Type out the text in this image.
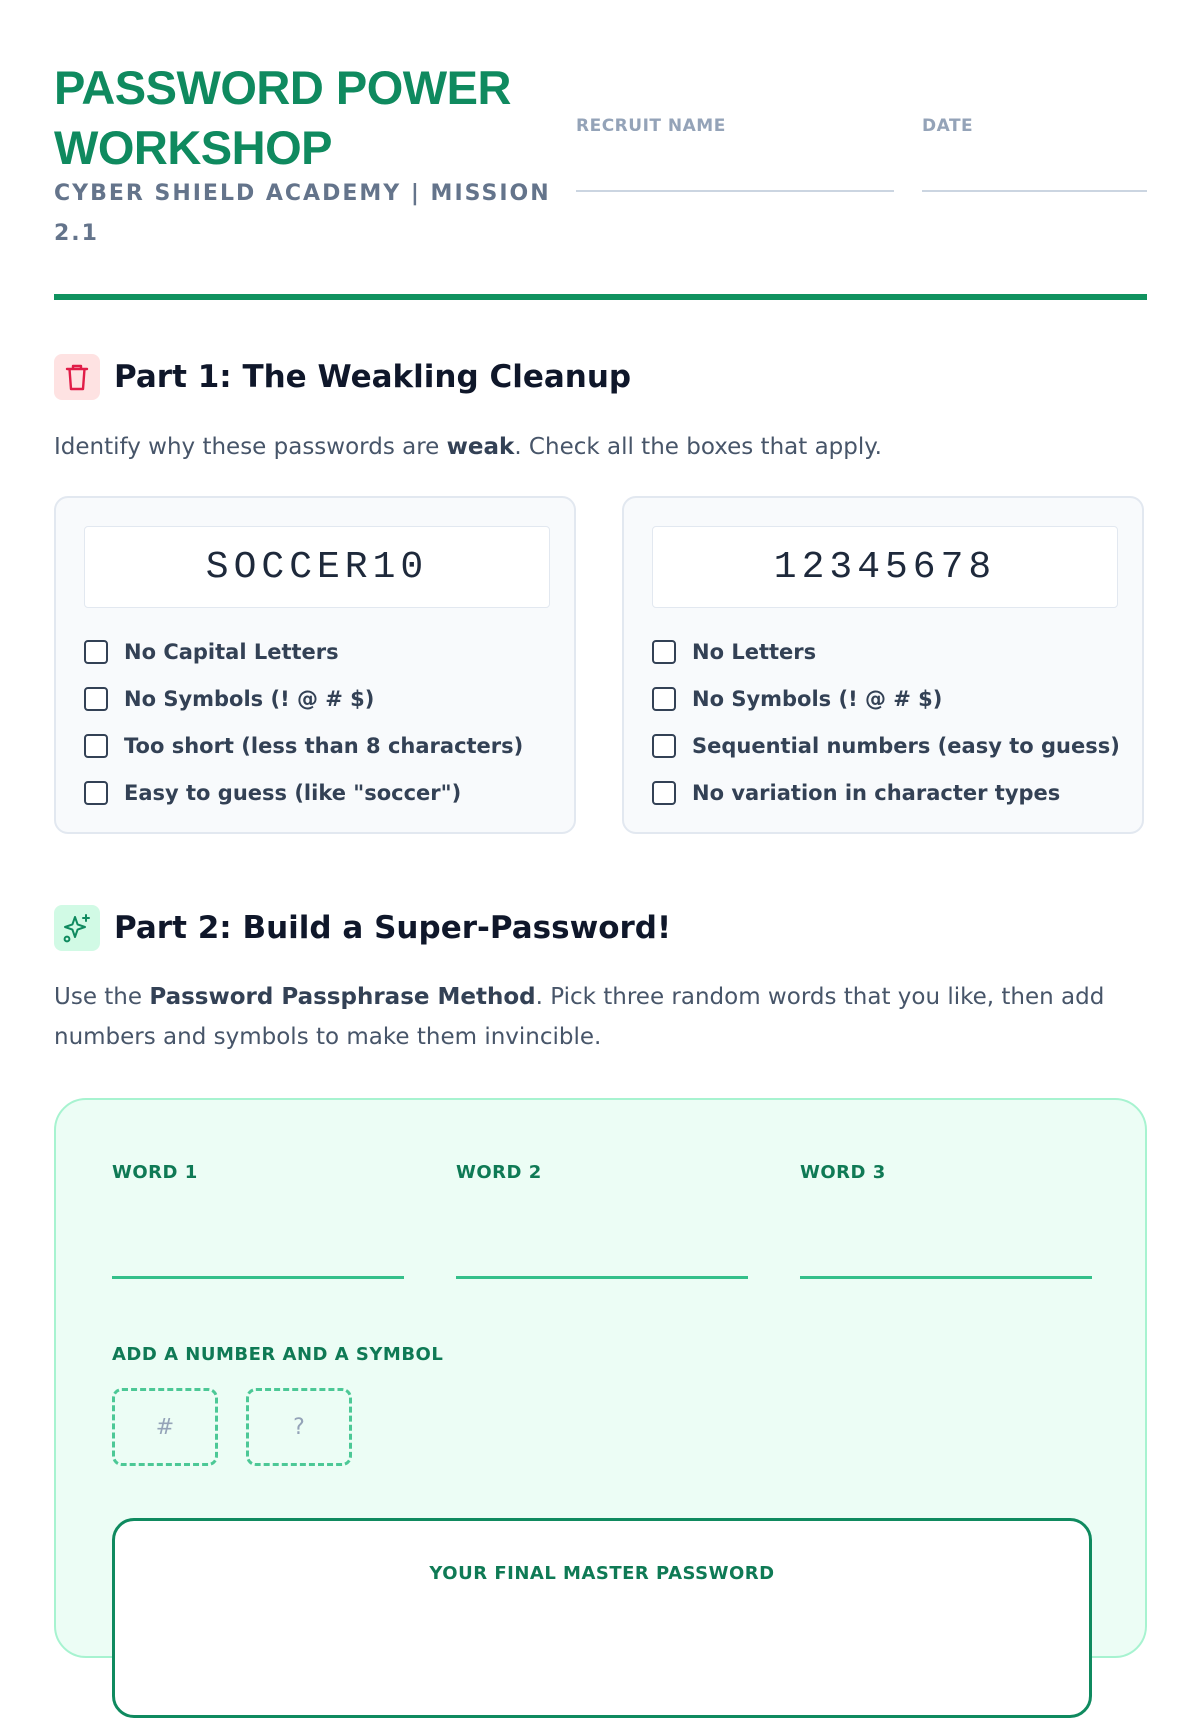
PASSWORD POWER WORKSHOP

CYBER SHIELD ACADEMY | MISSION 2.1

RECRUIT NAME	DATE
Part 1: The Weakling Cleanup
Identify why these passwords are weak. Check all the boxes that apply.
SOCCER10
No Capital Letters
No Symbols (! @ # $)
Too short (less than 8 characters)
Easy to guess (like "soccer")
12345678
No Letters
No Symbols (! @ # $)
Sequential numbers (easy to guess)
No variation in character types
Part 2: Build a Super-Password!
Use the Password Passphrase Method. Pick three random words that you like, then add numbers and symbols to make them invincible.
WORD 1	WORD 2	WORD 3
ADD A NUMBER AND A SYMBOL
#	?
YOUR FINAL MASTER PASSWORD
